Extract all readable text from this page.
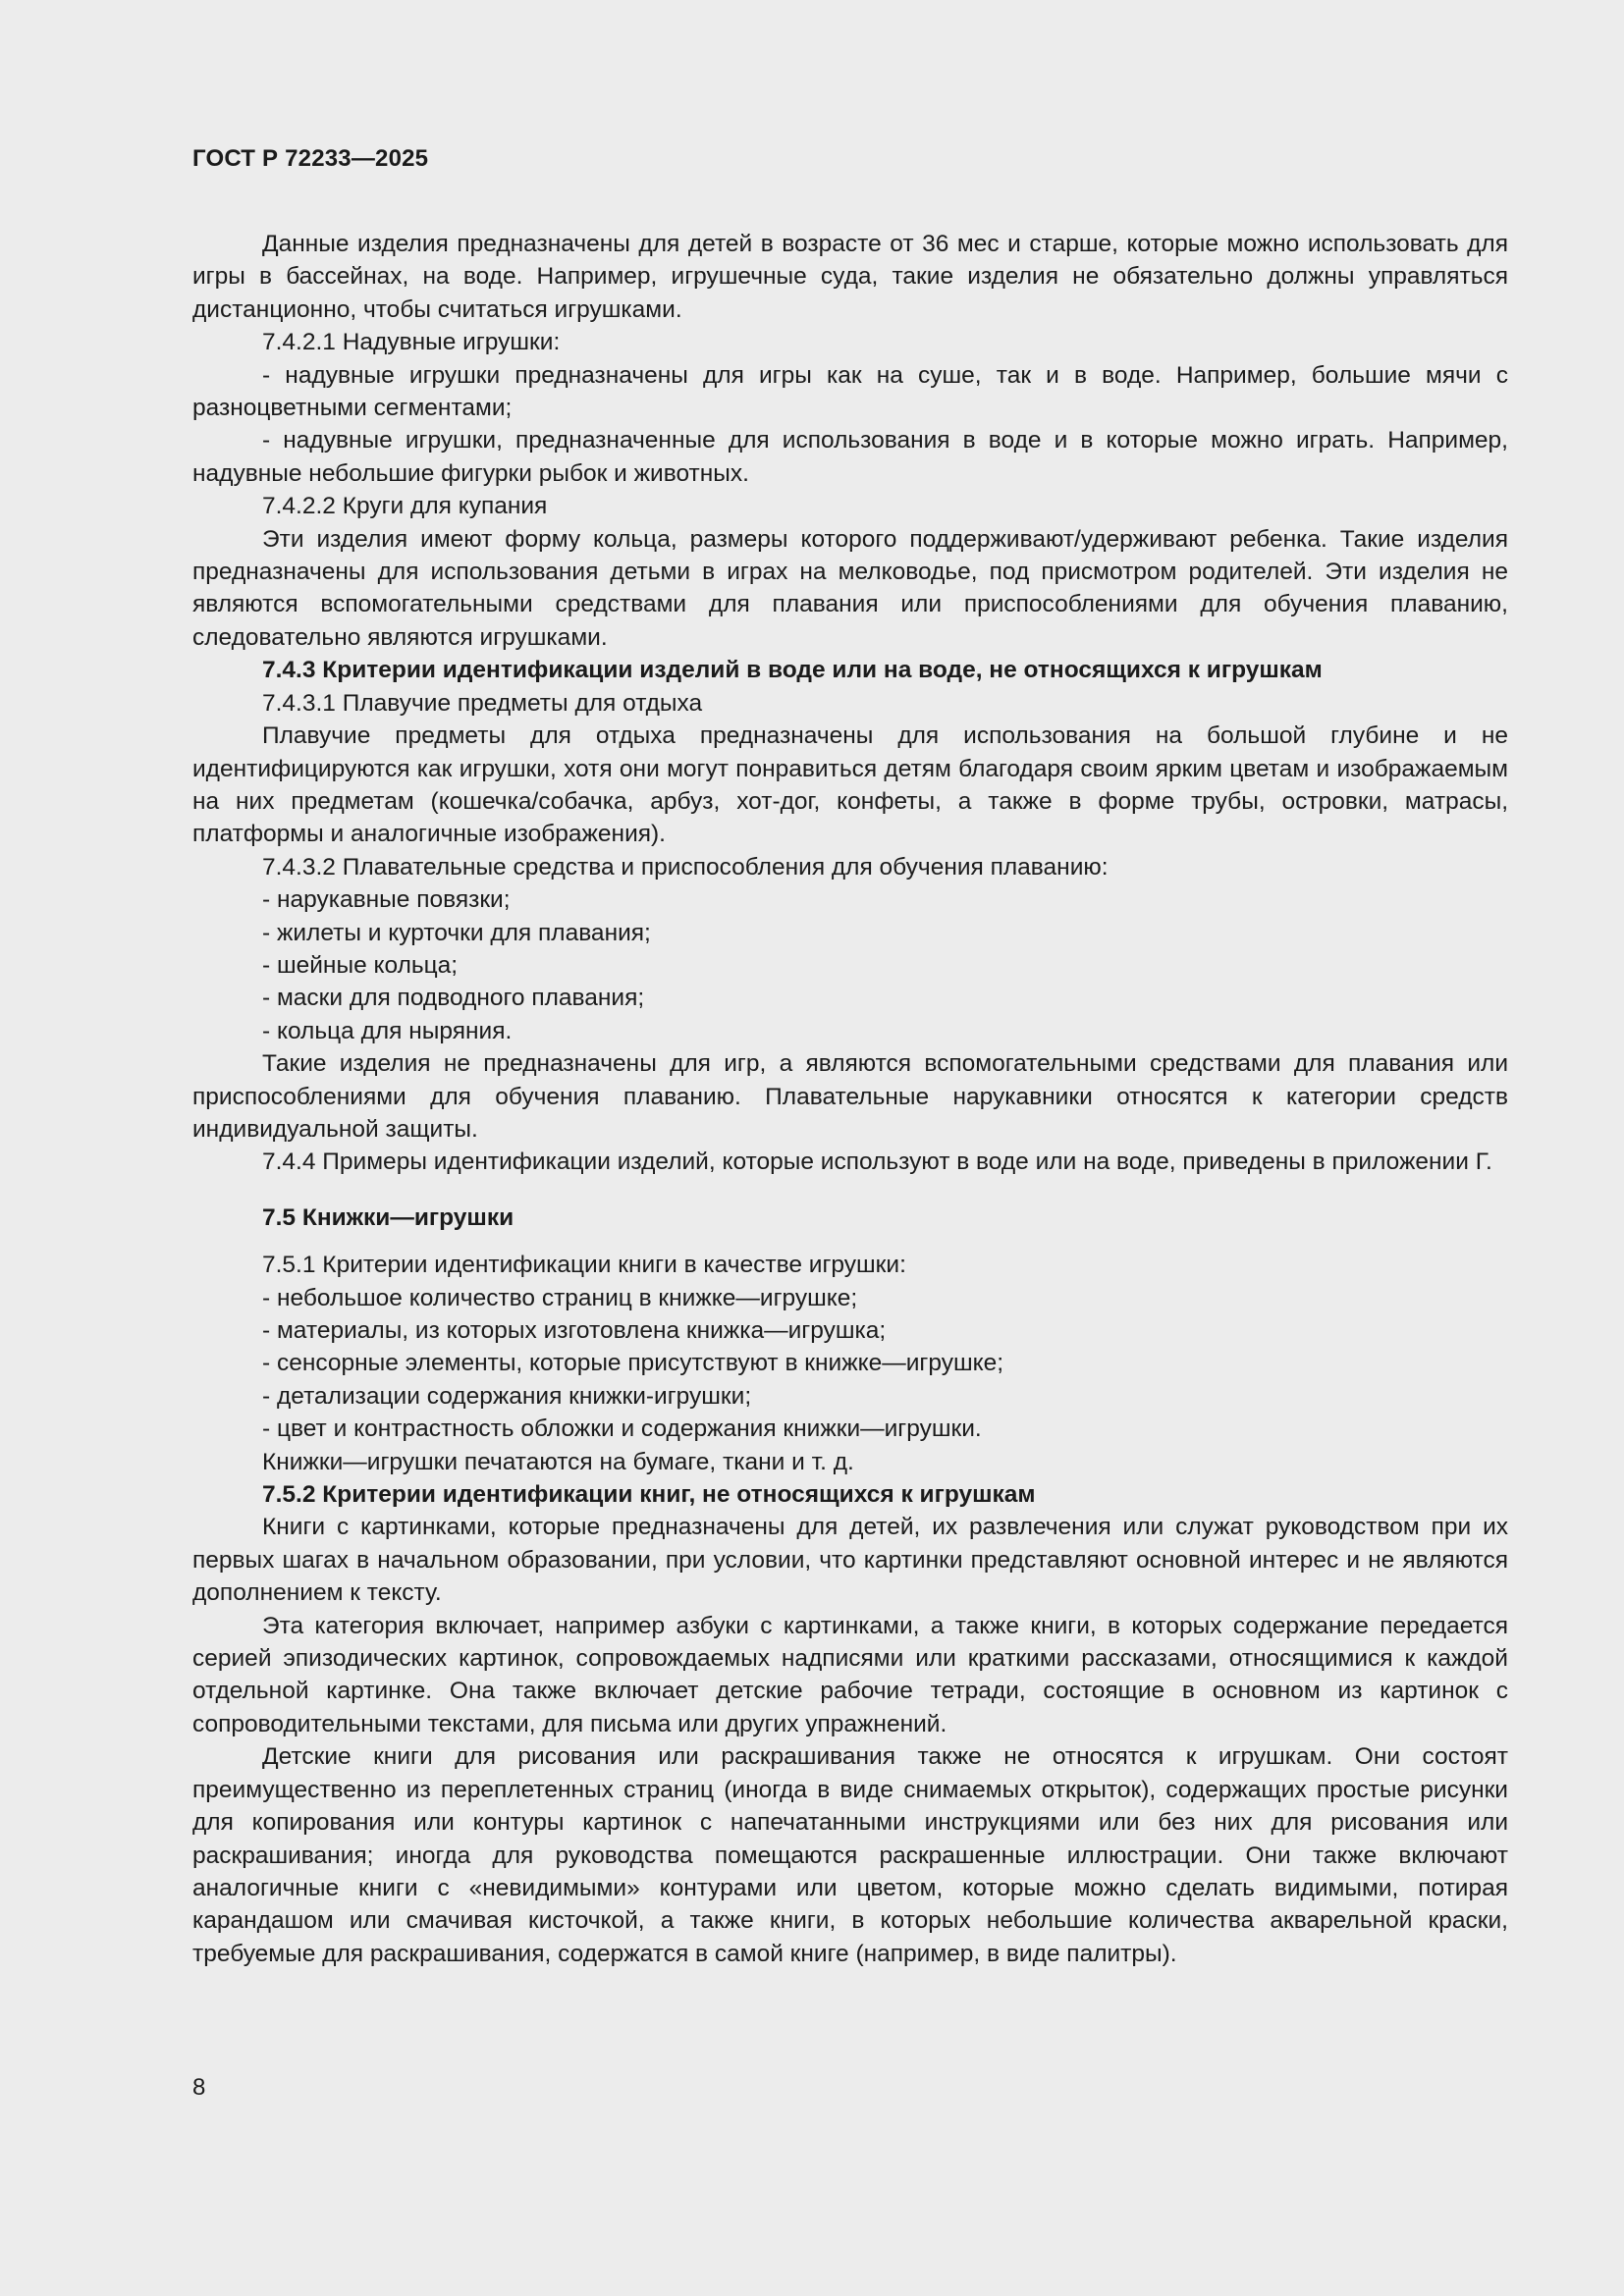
ГОСТ Р 72233—2025

Данные изделия предназначены для детей в возрасте от 36 мес и старше, которые можно использовать для игры в бассейнах, на воде. Например, игрушечные суда, такие изделия не обязательно должны управляться дистанционно, чтобы считаться игрушками.

7.4.2.1 Надувные игрушки:

- надувные игрушки предназначены для игры как на суше, так и в воде. Например, большие мячи с разноцветными сегментами;

- надувные игрушки, предназначенные для использования в воде и в которые можно играть. Например, надувные небольшие фигурки рыбок и животных.

7.4.2.2 Круги для купания

Эти изделия имеют форму кольца, размеры которого поддерживают/удерживают ребенка. Такие изделия предназначены для использования детьми в играх на мелководье, под присмотром родителей. Эти изделия не являются вспомогательными средствами для плавания или приспособлениями для обучения плаванию, следовательно являются игрушками.

7.4.3 Критерии идентификации изделий в воде или на воде, не относящихся к игрушкам

7.4.3.1 Плавучие предметы для отдыха

Плавучие предметы для отдыха предназначены для использования на большой глубине и не идентифицируются как игрушки, хотя они могут понравиться детям благодаря своим ярким цветам и изображаемым на них предметам (кошечка/собачка, арбуз, хот-дог, конфеты, а также в форме трубы, островки, матрасы, платформы и аналогичные изображения).

7.4.3.2 Плавательные средства и приспособления для обучения плаванию:

- нарукавные повязки;

- жилеты и курточки для плавания;

- шейные кольца;

- маски для подводного плавания;

- кольца для ныряния.

Такие изделия не предназначены для игр, а являются вспомогательными средствами для плавания или приспособлениями для обучения плаванию. Плавательные нарукавники относятся к категории средств индивидуальной защиты.

7.4.4 Примеры идентификации изделий, которые используют в воде или на воде, приведены в приложении Г.

7.5 Книжки—игрушки

7.5.1 Критерии идентификации книги в качестве игрушки:

- небольшое количество страниц в книжке—игрушке;

- материалы, из которых изготовлена книжка—игрушка;

- сенсорные элементы, которые присутствуют в книжке—игрушке;

- детализации содержания книжки-игрушки;

- цвет и контрастность обложки и содержания книжки—игрушки.

Книжки—игрушки печатаются на бумаге, ткани и т. д.

7.5.2 Критерии идентификации книг, не относящихся к игрушкам

Книги с картинками, которые предназначены для детей, их развлечения или служат руководством при их первых шагах в начальном образовании, при условии, что картинки представляют основной интерес и не являются дополнением к тексту.

Эта категория включает, например азбуки с картинками, а также книги, в которых содержание передается серией эпизодических картинок, сопровождаемых надписями или краткими рассказами, относящимися к каждой отдельной картинке. Она также включает детские рабочие тетради, состоящие в основном из картинок с сопроводительными текстами, для письма или других упражнений.

Детские книги для рисования или раскрашивания также не относятся к игрушкам. Они состоят преимущественно из переплетенных страниц (иногда в виде снимаемых открыток), содержащих простые рисунки для копирования или контуры картинок с напечатанными инструкциями или без них для рисования или раскрашивания; иногда для руководства помещаются раскрашенные иллюстрации. Они также включают аналогичные книги с «невидимыми» контурами или цветом, которые можно сделать видимыми, потирая карандашом или смачивая кисточкой, а также книги, в которых небольшие количества акварельной краски, требуемые для раскрашивания, содержатся в самой книге (например, в виде палитры).

8
